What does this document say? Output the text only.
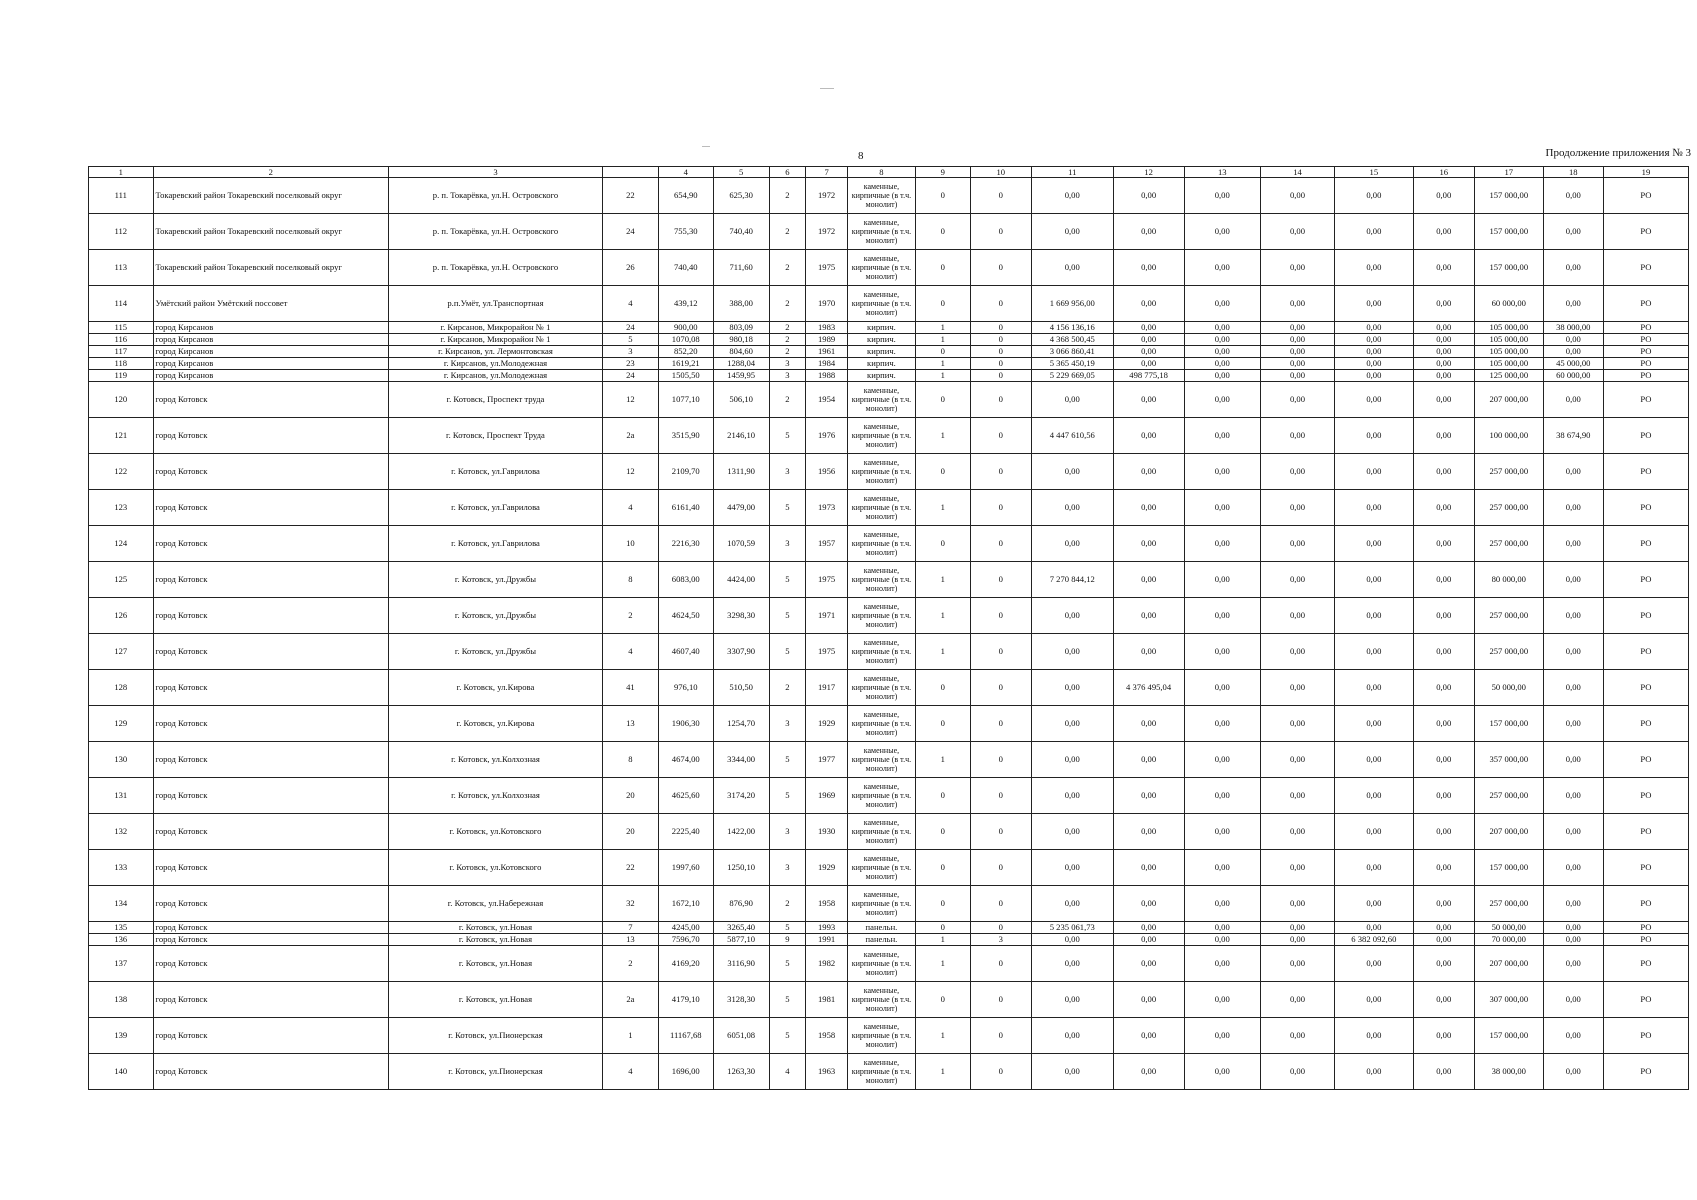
8	Продолжение приложения № 3
1	2	3		4	5	6	7	8	9	10	11	12	13	14	15	16	17	18	19
111	Токаревский район Токаревский поселковый округ	р. п. Токарёвка, ул.Н. Островского	22	654,90	625,30	2	1972	каменные, кирпичные (в т.ч. монолит)	0	0	0,00	0,00	0,00	0,00	0,00	0,00	157 000,00	0,00	РО
112	Токаревский район Токаревский поселковый округ	р. п. Токарёвка, ул.Н. Островского	24	755,30	740,40	2	1972	каменные, кирпичные (в т.ч. монолит)	0	0	0,00	0,00	0,00	0,00	0,00	0,00	157 000,00	0,00	РО
113	Токаревский район Токаревский поселковый округ	р. п. Токарёвка, ул.Н. Островского	26	740,40	711,60	2	1975	каменные, кирпичные (в т.ч. монолит)	0	0	0,00	0,00	0,00	0,00	0,00	0,00	157 000,00	0,00	РО
114	Умётский район Умётский поссовет	р.п.Умёт, ул.Транспортная	4	439,12	388,00	2	1970	каменные, кирпичные (в т.ч. монолит)	0	0	1 669 956,00	0,00	0,00	0,00	0,00	0,00	60 000,00	0,00	РО
115	город Кирсанов	г. Кирсанов, Микрорайон № 1	24	900,00	803,09	2	1983	кирпич.	1	0	4 156 136,16	0,00	0,00	0,00	0,00	0,00	105 000,00	38 000,00	РО
116	город Кирсанов	г. Кирсанов, Микрорайон № 1	5	1070,08	980,18	2	1989	кирпич.	1	0	4 368 500,45	0,00	0,00	0,00	0,00	0,00	105 000,00	0,00	РО
117	город Кирсанов	г. Кирсанов, ул. Лермонтовская	3	852,20	804,60	2	1961	кирпич.	0	0	3 066 860,41	0,00	0,00	0,00	0,00	0,00	105 000,00	0,00	РО
118	город Кирсанов	г. Кирсанов, ул.Молодежная	23	1619,21	1288,04	3	1984	кирпич.	1	0	5 365 450,19	0,00	0,00	0,00	0,00	0,00	105 000,00	45 000,00	РО
119	город Кирсанов	г. Кирсанов, ул.Молодежная	24	1505,50	1459,95	3	1988	кирпич.	1	0	5 229 669,05	498 775,18	0,00	0,00	0,00	0,00	125 000,00	60 000,00	РО
120	город Котовск	г. Котовск, Проспект труда	12	1077,10	506,10	2	1954	каменные, кирпичные (в т.ч. монолит)	0	0	0,00	0,00	0,00	0,00	0,00	0,00	207 000,00	0,00	РО
121	город Котовск	г. Котовск, Проспект Труда	2а	3515,90	2146,10	5	1976	каменные, кирпичные (в т.ч. монолит)	1	0	4 447 610,56	0,00	0,00	0,00	0,00	0,00	100 000,00	38 674,90	РО
122	город Котовск	г. Котовск, ул.Гаврилова	12	2109,70	1311,90	3	1956	каменные, кирпичные (в т.ч. монолит)	0	0	0,00	0,00	0,00	0,00	0,00	0,00	257 000,00	0,00	РО
123	город Котовск	г. Котовск, ул.Гаврилова	4	6161,40	4479,00	5	1973	каменные, кирпичные (в т.ч. монолит)	1	0	0,00	0,00	0,00	0,00	0,00	0,00	257 000,00	0,00	РО
124	город Котовск	г. Котовск, ул.Гаврилова	10	2216,30	1070,59	3	1957	каменные, кирпичные (в т.ч. монолит)	0	0	0,00	0,00	0,00	0,00	0,00	0,00	257 000,00	0,00	РО
125	город Котовск	г. Котовск, ул.Дружбы	8	6083,00	4424,00	5	1975	каменные, кирпичные (в т.ч. монолит)	1	0	7 270 844,12	0,00	0,00	0,00	0,00	0,00	80 000,00	0,00	РО
126	город Котовск	г. Котовск, ул.Дружбы	2	4624,50	3298,30	5	1971	каменные, кирпичные (в т.ч. монолит)	1	0	0,00	0,00	0,00	0,00	0,00	0,00	257 000,00	0,00	РО
127	город Котовск	г. Котовск, ул.Дружбы	4	4607,40	3307,90	5	1975	каменные, кирпичные (в т.ч. монолит)	1	0	0,00	0,00	0,00	0,00	0,00	0,00	257 000,00	0,00	РО
128	город Котовск	г. Котовск, ул.Кирова	41	976,10	510,50	2	1917	каменные, кирпичные (в т.ч. монолит)	0	0	0,00	4 376 495,04	0,00	0,00	0,00	0,00	50 000,00	0,00	РО
129	город Котовск	г. Котовск, ул.Кирова	13	1906,30	1254,70	3	1929	каменные, кирпичные (в т.ч. монолит)	0	0	0,00	0,00	0,00	0,00	0,00	0,00	157 000,00	0,00	РО
130	город Котовск	г. Котовск, ул.Колхозная	8	4674,00	3344,00	5	1977	каменные, кирпичные (в т.ч. монолит)	1	0	0,00	0,00	0,00	0,00	0,00	0,00	357 000,00	0,00	РО
131	город Котовск	г. Котовск, ул.Колхозная	20	4625,60	3174,20	5	1969	каменные, кирпичные (в т.ч. монолит)	0	0	0,00	0,00	0,00	0,00	0,00	0,00	257 000,00	0,00	РО
132	город Котовск	г. Котовск, ул.Котовского	20	2225,40	1422,00	3	1930	каменные, кирпичные (в т.ч. монолит)	0	0	0,00	0,00	0,00	0,00	0,00	0,00	207 000,00	0,00	РО
133	город Котовск	г. Котовск, ул.Котовского	22	1997,60	1250,10	3	1929	каменные, кирпичные (в т.ч. монолит)	0	0	0,00	0,00	0,00	0,00	0,00	0,00	157 000,00	0,00	РО
134	город Котовск	г. Котовск, ул.Набережная	32	1672,10	876,90	2	1958	каменные, кирпичные (в т.ч. монолит)	0	0	0,00	0,00	0,00	0,00	0,00	0,00	257 000,00	0,00	РО
135	город Котовск	г. Котовск, ул.Новая	7	4245,00	3265,40	5	1993	панельн.	0	0	5 235 061,73	0,00	0,00	0,00	0,00	0,00	50 000,00	0,00	РО
136	город Котовск	г. Котовск, ул.Новая	13	7596,70	5877,10	9	1991	панельн.	1	3	0,00	0,00	0,00	0,00	6 382 092,60	0,00	70 000,00	0,00	РО
137	город Котовск	г. Котовск, ул.Новая	2	4169,20	3116,90	5	1982	каменные, кирпичные (в т.ч. монолит)	1	0	0,00	0,00	0,00	0,00	0,00	0,00	207 000,00	0,00	РО
138	город Котовск	г. Котовск, ул.Новая	2а	4179,10	3128,30	5	1981	каменные, кирпичные (в т.ч. монолит)	0	0	0,00	0,00	0,00	0,00	0,00	0,00	307 000,00	0,00	РО
139	город Котовск	г. Котовск, ул.Пионерская	1	11167,68	6051,08	5	1958	каменные, кирпичные (в т.ч. монолит)	1	0	0,00	0,00	0,00	0,00	0,00	0,00	157 000,00	0,00	РО
140	город Котовск	г. Котовск, ул.Пионерская	4	1696,00	1263,30	4	1963	каменные, кирпичные (в т.ч. монолит)	1	0	0,00	0,00	0,00	0,00	0,00	0,00	38 000,00	0,00	РО
